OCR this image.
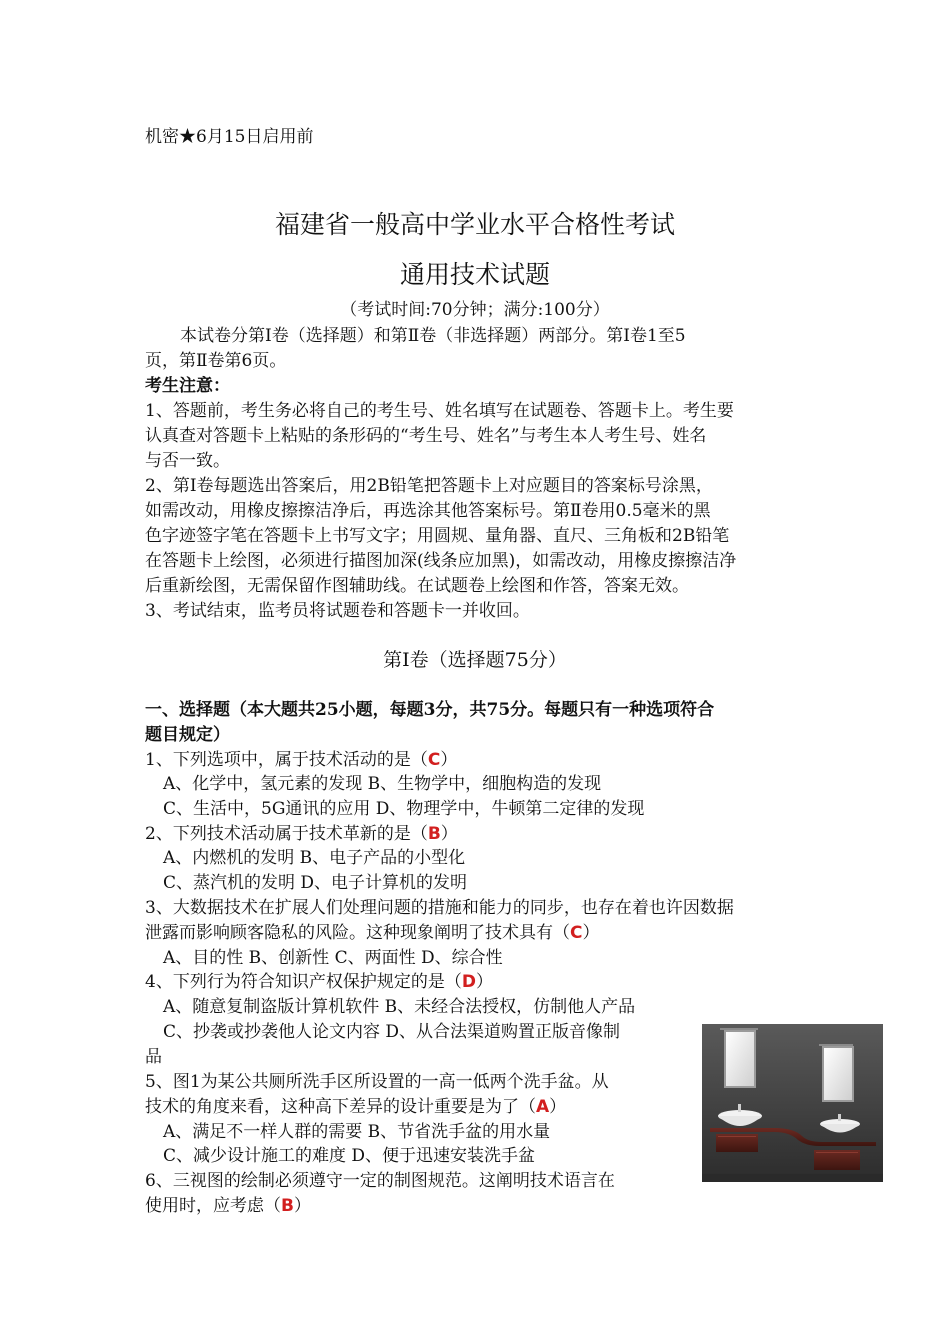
机密★6月15日启用前
福建省一般高中学业水平合格性考试
通用技术试题
（考试时间:70分钟；满分:100分）
本试卷分第Ⅰ卷（选择题）和第Ⅱ卷（非选择题）两部分。第Ⅰ卷1至5
页，第Ⅱ卷第6页。
考生注意：
1、答题前，考生务必将自己的考生号、姓名填写在试题卷、答题卡上。考生要
认真查对答题卡上粘贴的条形码的“考生号、姓名”与考生本人考生号、姓名
与否一致。
2、第Ⅰ卷每题选出答案后，用2B铅笔把答题卡上对应题目的答案标号涂黑，
如需改动，用橡皮擦擦洁净后，再选涂其他答案标号。第Ⅱ卷用0.5毫米的黑
色字迹签字笔在答题卡上书写文字；用圆规、量角器、直尺、三角板和2B铅笔
在答题卡上绘图，必须进行描图加深(线条应加黑)，如需改动，用橡皮擦擦洁净
后重新绘图，无需保留作图辅助线。在试题卷上绘图和作答，答案无效。
3、考试结束，监考员将试题卷和答题卡一并收回。
第Ⅰ卷（选择题75分）
一、选择题（本大题共25小题，每题3分，共75分。每题只有一种选项符合
题目规定）
1、下列选项中，属于技术活动的是（C）
A、化学中，氢元素的发现 B、生物学中，细胞构造的发现
C、生活中，5G通讯的应用 D、物理学中，牛顿第二定律的发现
2、下列技术活动属于技术革新的是（B）
A、内燃机的发明 B、电子产品的小型化
C、蒸汽机的发明 D、电子计算机的发明
3、大数据技术在扩展人们处理问题的措施和能力的同步，也存在着也许因数据
泄露而影响顾客隐私的风险。这种现象阐明了技术具有（C）
A、目的性 B、创新性 C、两面性 D、综合性
4、下列行为符合知识产权保护规定的是（D）
A、随意复制盗版计算机软件 B、未经合法授权，仿制他人产品
C、抄袭或抄袭他人论文内容 D、从合法渠道购置正版音像制
品
5、图1为某公共厕所洗手区所设置的一高一低两个洗手盆。从
技术的角度来看，这种高下差异的设计重要是为了（A）
A、满足不一样人群的需要 B、节省洗手盆的用水量
C、减少设计施工的难度 D、便于迅速安装洗手盆
6、三视图的绘制必须遵守一定的制图规范。这阐明技术语言在
使用时，应考虑（B）
